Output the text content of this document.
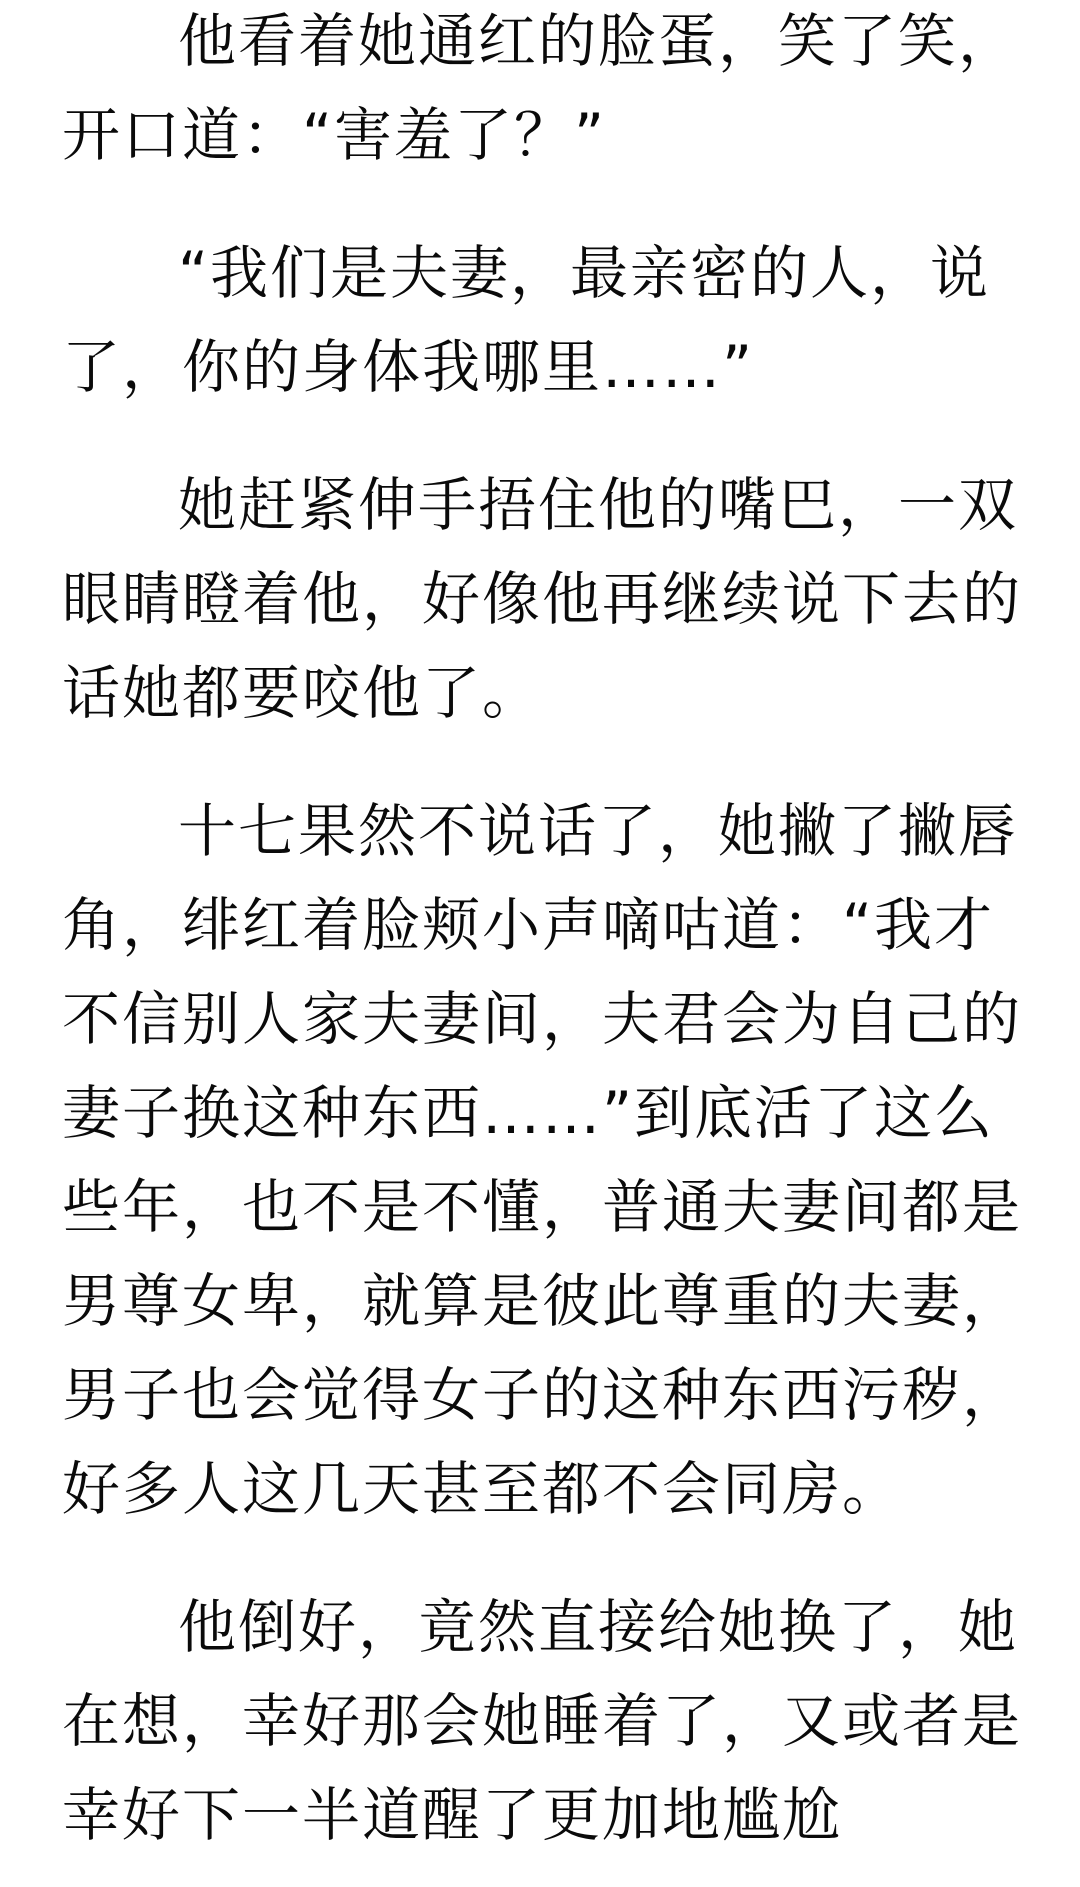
他看着她通红的脸蛋，笑了笑，
开口道：“害羞了？”
“我们是夫妻，最亲密的人，说
了，你的身体我哪里……”
她赶紧伸手捂住他的嘴巴，一双
眼睛瞪着他，好像他再继续说下去的
话她都要咬他了。
十七果然不说话了，她撇了撇唇
角，绯红着脸颊小声嘀咕道：“我才
不信别人家夫妻间，夫君会为自己的
妻子换这种东西……”到底活了这么
些年，也不是不懂，普通夫妻间都是
男尊女卑，就算是彼此尊重的夫妻，
男子也会觉得女子的这种东西污秽，
好多人这几天甚至都不会同房。
他倒好，竟然直接给她换了，她
在想，幸好那会她睡着了，又或者是
幸好下一半道醒了更加地尴尬
